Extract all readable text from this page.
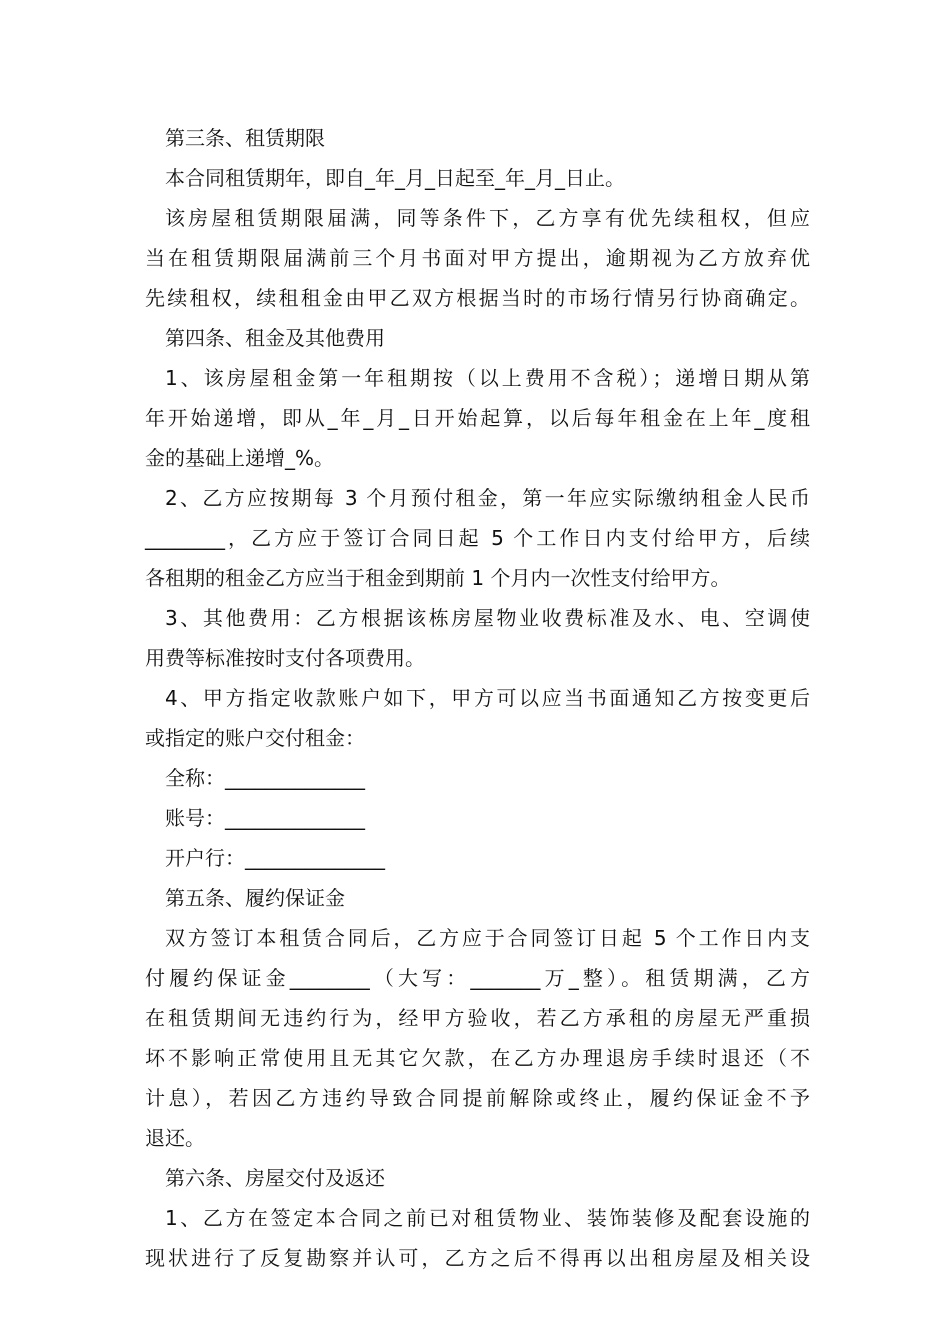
第三条、租赁期限
本合同租赁期年，即自_年_月_日起至_年_月_日止。
该房屋租赁期限届满，同等条件下，乙方享有优先续租权，但应
当在租赁期限届满前三个月书面对甲方提出，逾期视为乙方放弃优
先续租权，续租租金由甲乙双方根据当时的市场行情另行协商确定。
第四条、租金及其他费用
1、该房屋租金第一年租期按（以上费用不含税）；递增日期从第
年开始递增，即从_年_月_日开始起算，以后每年租金在上年_度租
金的基础上递增_%。
2、乙方应按期每 3 个月预付租金，第一年应实际缴纳租金人民币
________，乙方应于签订合同日起 5 个工作日内支付给甲方，后续
各租期的租金乙方应当于租金到期前 1 个月内一次性支付给甲方。
3、其他费用：乙方根据该栋房屋物业收费标准及水、电、空调使
用费等标准按时支付各项费用。
4、甲方指定收款账户如下，甲方可以应当书面通知乙方按变更后
或指定的账户交付租金：
全称：______________
账号：______________
开户行：______________
第五条、履约保证金
双方签订本租赁合同后，乙方应于合同签订日起 5 个工作日内支
付履约保证金________（大写：_______万_整）。租赁期满，乙方
在租赁期间无违约行为，经甲方验收，若乙方承租的房屋无严重损
坏不影响正常使用且无其它欠款，在乙方办理退房手续时退还（不
计息），若因乙方违约导致合同提前解除或终止，履约保证金不予
退还。
第六条、房屋交付及返还
1、乙方在签定本合同之前已对租赁物业、装饰装修及配套设施的
现状进行了反复勘察并认可，乙方之后不得再以出租房屋及相关设
